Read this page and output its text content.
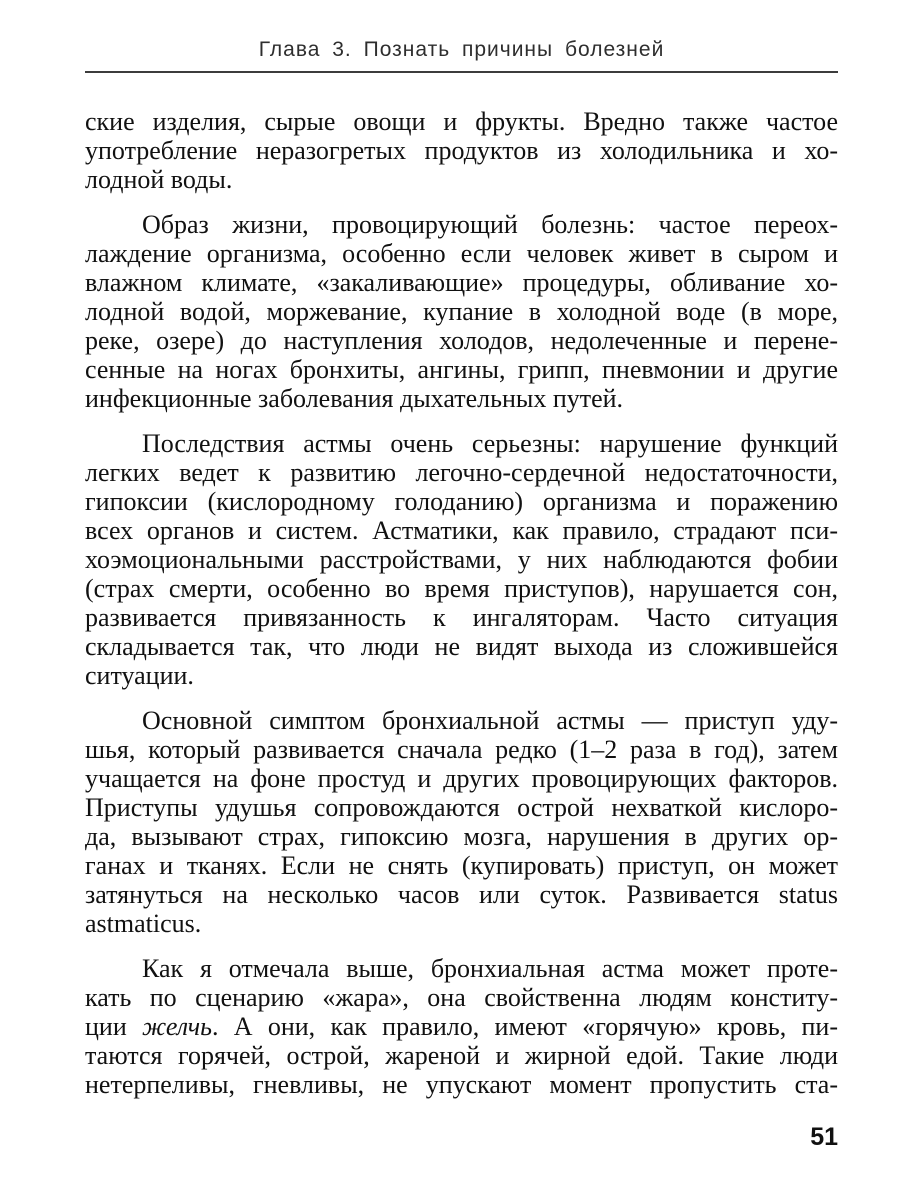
Глава 3. Познать причины болезней
ские изделия, сырые овощи и фрукты. Вредно также частое
употребление неразогретых продуктов из холодильника и хо-
лодной воды.
Образ жизни, провоцирующий болезнь: частое переох-
лаждение организма, особенно если человек живет в сыром и
влажном климате, «закаливающие» процедуры, обливание хо-
лодной водой, моржевание, купание в холодной воде (в море,
реке, озере) до наступления холодов, недолеченные и перене-
сенные на ногах бронхиты, ангины, грипп, пневмонии и другие
инфекционные заболевания дыхательных путей.
Последствия астмы очень серьезны: нарушение функций
легких ведет к развитию легочно-сердечной недостаточности,
гипоксии (кислородному голоданию) организма и поражению
всех органов и систем. Астматики, как правило, страдают пси-
хоэмоциональными расстройствами, у них наблюдаются фобии
(страх смерти, особенно во время приступов), нарушается сон,
развивается привязанность к ингаляторам. Часто ситуация
складывается так, что люди не видят выхода из сложившейся
ситуации.
Основной симптом бронхиальной астмы — приступ уду-
шья, который развивается сначала редко (1–2 раза в год), затем
учащается на фоне простуд и других провоцирующих факторов.
Приступы удушья сопровождаются острой нехваткой кислоро-
да, вызывают страх, гипоксию мозга, нарушения в других ор-
ганах и тканях. Если не снять (купировать) приступ, он может
затянуться на несколько часов или суток. Развивается status
astmaticus.
Как я отмечала выше, бронхиальная астма может проте-
кать по сценарию «жара», она свойственна людям конститу-
ции желчь. А они, как правило, имеют «горячую» кровь, пи-
таются горячей, острой, жареной и жирной едой. Такие люди
нетерпеливы, гневливы, не упускают момент пропустить ста-
51
